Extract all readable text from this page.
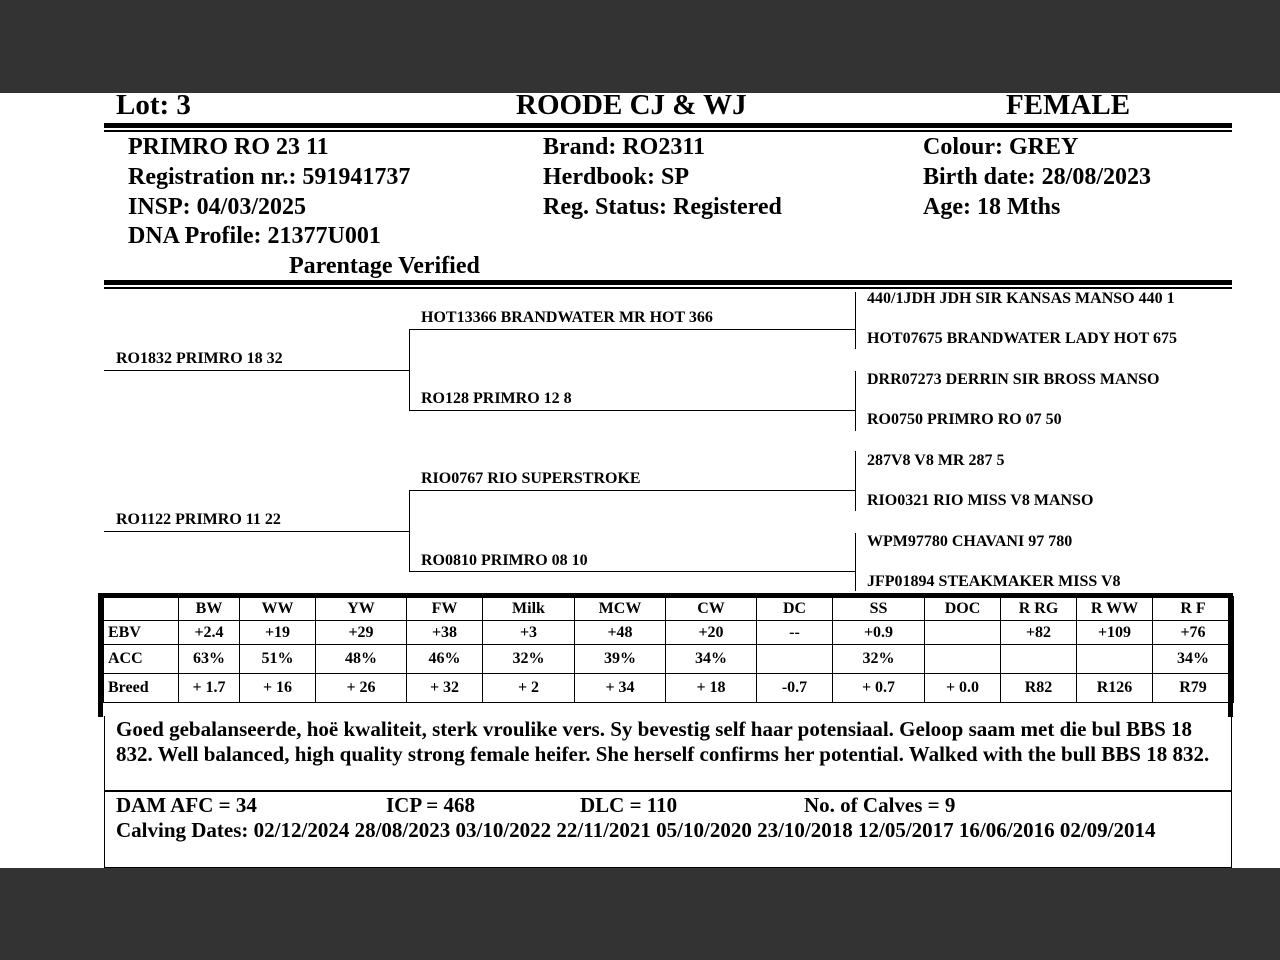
Lot: 3	ROODE CJ & WJ	FEMALE
PRIMRO RO 23 11
Registration nr.: 591941737
INSP: 04/03/2025
DNA Profile: 21377U001
Parentage Verified
Brand: RO2311
Herdbook: SP
Reg. Status: Registered
Colour: GREY
Birth date: 28/08/2023
Age: 18 Mths
RO1832 PRIMRO 18 32
RO1122 PRIMRO 11 22
HOT13366 BRANDWATER MR HOT 366
RO128 PRIMRO 12 8
RIO0767 RIO SUPERSTROKE
RO0810 PRIMRO 08 10
440/1JDH JDH SIR KANSAS MANSO 440 1
HOT07675 BRANDWATER LADY HOT 675
DRR07273 DERRIN SIR BROSS MANSO
RO0750 PRIMRO RO 07 50
287V8 V8 MR 287 5
RIO0321 RIO MISS V8 MANSO
WPM97780 CHAVANI 97 780
JFP01894 STEAKMAKER MISS V8
	BW	WW	YW	FW	Milk	MCW	CW	DC	SS	DOC	R RG	R WW	R F
EBV	+2.4	+19	+29	+38	+3	+48	+20	--	+0.9		+82	+109	+76
ACC	63%	51%	48%	46%	32%	39%	34%		32%				34%
Breed	+ 1.7	+ 16	+ 26	+ 32	+ 2	+ 34	+ 18	-0.7	+ 0.7	+ 0.0	R82	R126	R79
Goed gebalanseerde, hoë kwaliteit, sterk vroulike vers. Sy bevestig self haar potensiaal. Geloop saam met die bul BBS 18 832. Well balanced, high quality strong female heifer. She herself confirms her potential. Walked with the bull BBS 18 832.
DAM AFC = 34	ICP = 468	DLC = 110	No. of Calves = 9
Calving Dates: 02/12/2024 28/08/2023 03/10/2022 22/11/2021 05/10/2020 23/10/2018 12/05/2017 16/06/2016 02/09/2014
